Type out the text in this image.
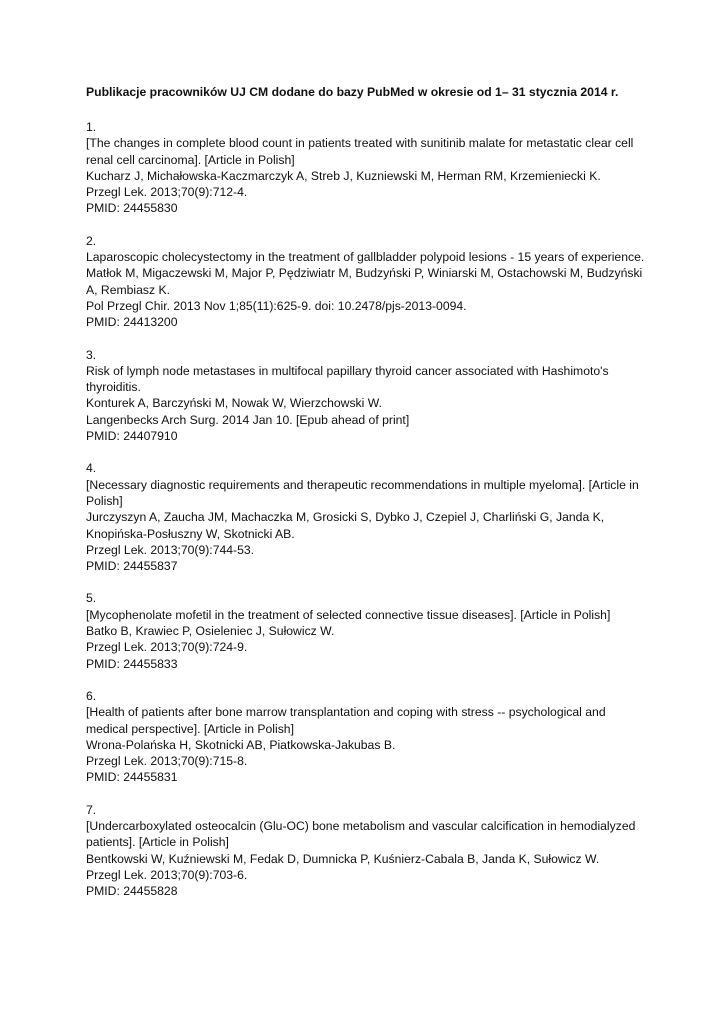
Publikacje pracowników UJ CM dodane do bazy PubMed w okresie od 1– 31 stycznia 2014 r.
1.
[The changes in complete blood count in patients treated with sunitinib malate for metastatic clear cell renal cell carcinoma]. [Article in Polish]
Kucharz J, Michałowska-Kaczmarczyk A, Streb J, Kuzniewski M, Herman RM, Krzemieniecki K.
Przegl Lek. 2013;70(9):712-4.
PMID: 24455830
2.
Laparoscopic cholecystectomy in the treatment of gallbladder polypoid lesions - 15 years of experience.
Matłok M, Migaczewski M, Major P, Pędziwiatr M, Budzyński P, Winiarski M, Ostachowski M, Budzyński A, Rembiasz K.
Pol Przegl Chir. 2013 Nov 1;85(11):625-9. doi: 10.2478/pjs-2013-0094.
PMID: 24413200
3.
Risk of lymph node metastases in multifocal papillary thyroid cancer associated with Hashimoto's thyroiditis.
Konturek A, Barczyński M, Nowak W, Wierzchowski W.
Langenbecks Arch Surg. 2014 Jan 10. [Epub ahead of print]
PMID: 24407910
4.
[Necessary diagnostic requirements and therapeutic recommendations in multiple myeloma]. [Article in Polish]
Jurczyszyn A, Zaucha JM, Machaczka M, Grosicki S, Dybko J, Czepiel J, Charliński G, Janda K, Knopińska-Posłuszny W, Skotnicki AB.
Przegl Lek. 2013;70(9):744-53.
PMID: 24455837
5.
[Mycophenolate mofetil in the treatment of selected connective tissue diseases]. [Article in Polish]
Batko B, Krawiec P, Osieleniec J, Sułowicz W.
Przegl Lek. 2013;70(9):724-9.
PMID: 24455833
6.
[Health of patients after bone marrow transplantation and coping with stress -- psychological and medical perspective]. [Article in Polish]
Wrona-Polańska H, Skotnicki AB, Piatkowska-Jakubas B.
Przegl Lek. 2013;70(9):715-8.
PMID: 24455831
7.
[Undercarboxylated osteocalcin (Glu-OC) bone metabolism and vascular calcification in hemodialyzed patients]. [Article in Polish]
Bentkowski W, Kuźniewski M, Fedak D, Dumnicka P, Kuśnierz-Cabala B, Janda K, Sułowicz W.
Przegl Lek. 2013;70(9):703-6.
PMID: 24455828
